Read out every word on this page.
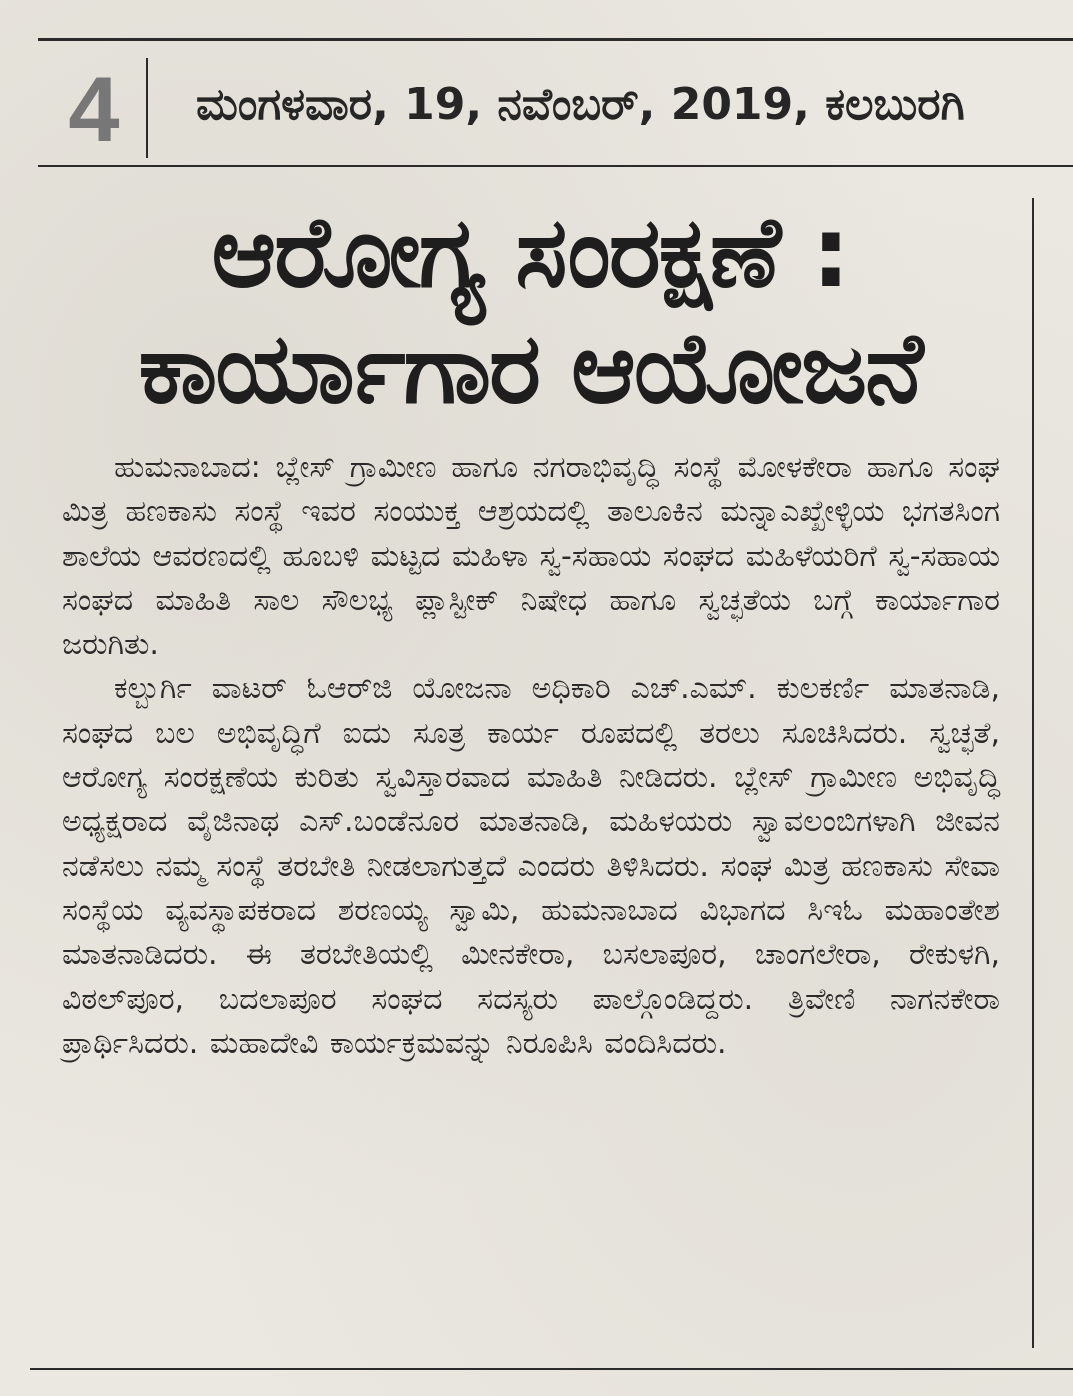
4	ಮಂಗಳವಾರ, 19, ನವೆಂಬರ್, 2019, ಕಲಬುರಗಿ
ಆರೋಗ್ಯ ಸಂರಕ್ಷಣೆ :
ಕಾರ್ಯಾಗಾರ ಆಯೋಜನೆ

ಹುಮನಾಬಾದ: ಬ್ಲೇಸ್ ಗ್ರಾಮೀಣ ಹಾಗೂ ನಗರಾಭಿವೃದ್ಧಿ ಸಂಸ್ಥೆ ಮೋಳಕೇರಾ ಹಾಗೂ ಸಂಘ ಮಿತ್ರ ಹಣಕಾಸು ಸಂಸ್ಥೆ ಇವರ ಸಂಯುಕ್ತ ಆಶ್ರಯದಲ್ಲಿ ತಾಲೂಕಿನ ಮನ್ನಾಎಖ್ಖೇಳ್ಳಿಯ ಭಗತಸಿಂಗ ಶಾಲೆಯ ಆವರಣದಲ್ಲಿ ಹೂಬಳಿ ಮಟ್ಟದ ಮಹಿಳಾ ಸ್ವ-ಸಹಾಯ ಸಂಘದ ಮಹಿಳೆಯರಿಗೆ ಸ್ವ-ಸಹಾಯ ಸಂಘದ ಮಾಹಿತಿ ಸಾಲ ಸೌಲಭ್ಯ ಪ್ಲಾಸ್ಟೀಕ್ ನಿಷೇಧ ಹಾಗೂ ಸ್ವಚ್ಛತೆಯ ಬಗ್ಗೆ ಕಾರ್ಯಾಗಾರ ಜರುಗಿತು.

ಕಲ್ಬುರ್ಗಿ ವಾಟರ್ ಓಆರ್‌ಜಿ ಯೋಜನಾ ಅಧಿಕಾರಿ ಎಚ್.ಎಮ್. ಕುಲಕರ್ಣಿ ಮಾತನಾಡಿ, ಸಂಘದ ಬಲ ಅಭಿವೃದ್ಧಿಗೆ ಐದು ಸೂತ್ರ ಕಾರ್ಯ ರೂಪದಲ್ಲಿ ತರಲು ಸೂಚಿಸಿದರು. ಸ್ವಚ್ಛತೆ, ಆರೋಗ್ಯ ಸಂರಕ್ಷಣೆಯ ಕುರಿತು ಸ್ವವಿಸ್ತಾರವಾದ ಮಾಹಿತಿ ನೀಡಿದರು. ಬ್ಲೇಸ್ ಗ್ರಾಮೀಣ ಅಭಿವೃದ್ಧಿ ಅಧ್ಯಕ್ಷರಾದ ವೈಜಿನಾಥ ಎಸ್.ಬಂಡೆನೂರ ಮಾತನಾಡಿ, ಮಹಿಳಯರು ಸ್ವಾವಲಂಬಿಗಳಾಗಿ ಜೀವನ ನಡೆಸಲು ನಮ್ಮ ಸಂಸ್ಥೆ ತರಬೇತಿ ನೀಡಲಾಗುತ್ತದೆ ಎಂದರು ತಿಳಿಸಿದರು. ಸಂಘ ಮಿತ್ರ ಹಣಕಾಸು ಸೇವಾ ಸಂಸ್ಥೆಯ ವ್ಯವಸ್ಥಾಪಕರಾದ ಶರಣಯ್ಯ ಸ್ವಾಮಿ, ಹುಮನಾಬಾದ ವಿಭಾಗದ ಸಿಇಓ ಮಹಾಂತೇಶ ಮಾತನಾಡಿದರು. ಈ ತರಬೇತಿಯಲ್ಲಿ ಮೀನಕೇರಾ, ಬಸಲಾಪೂರ, ಚಾಂಗಲೇರಾ, ರೇಕುಳಗಿ, ವಿಠಲ್‌ಪೂರ, ಬದಲಾಪೂರ ಸಂಘದ ಸದಸ್ಯರು ಪಾಲ್ಗೊಂಡಿದ್ದರು. ತ್ರಿವೇಣಿ ನಾಗನಕೇರಾ ಪ್ರಾರ್ಥಿಸಿದರು. ಮಹಾದೇವಿ ಕಾರ್ಯಕ್ರಮವನ್ನು ನಿರೂಪಿಸಿ ವಂದಿಸಿದರು.
